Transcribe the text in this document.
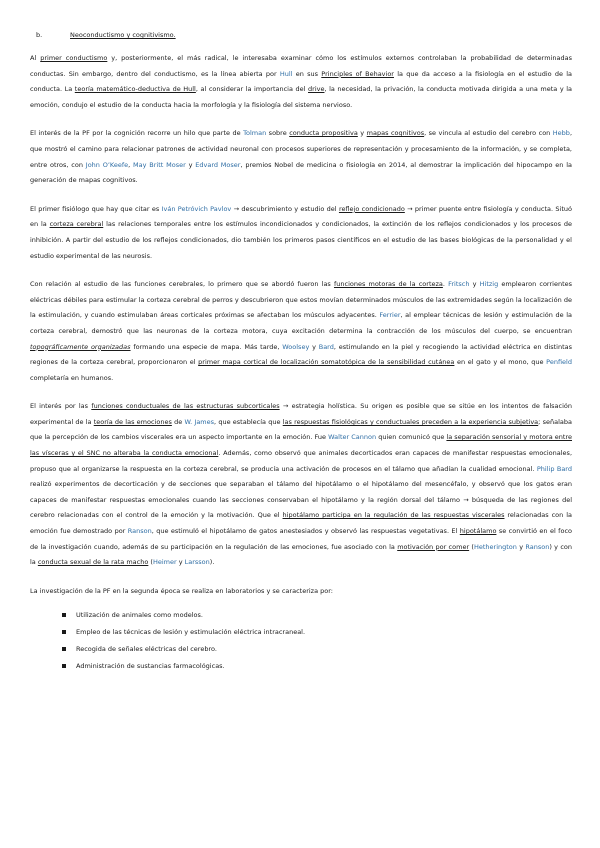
b.	Neoconductismo y cognitivismo.

Al primer conductismo y, posteriormente, el más radical, le interesaba examinar cómo los estímulos externos controlaban la probabilidad de determinadas conductas. Sin embargo, dentro del conductismo, es la línea abierta por Hull en sus Principles of Behavior la que da acceso a la fisiología en el estudio de la conducta. La teoría matemático-deductiva de Hull, al considerar la importancia del drive, la necesidad, la privación, la conducta motivada dirigida a una meta y la emoción, condujo el estudio de la conducta hacia la morfología y la fisiología del sistema nervioso.

El interés de la PF por la cognición recorre un hilo que parte de Tolman sobre conducta propositiva y mapas cognitivos, se vincula al estudio del cerebro con Hebb, que mostró el camino para relacionar patrones de actividad neuronal con procesos superiores de representación y procesamiento de la información, y se completa, entre otros, con John O’Keefe, May Britt Moser y Edvard Moser, premios Nobel de medicina o fisiología en 2014, al demostrar la implicación del hipocampo en la generación de mapas cognitivos.

El primer fisiólogo que hay que citar es Iván Petróvich Pavlov → descubrimiento y estudio del reflejo condicionado → primer puente entre fisiología y conducta. Situó en la corteza cerebral las relaciones temporales entre los estímulos incondicionados y condicionados, la extinción de los reflejos condicionados y los procesos de inhibición. A partir del estudio de los reflejos condicionados, dio también los primeros pasos científicos en el estudio de las bases biológicas de la personalidad y el estudio experimental de las neurosis.

Con relación al estudio de las funciones cerebrales, lo primero que se abordó fueron las funciones motoras de la corteza. Fritsch y Hitzig emplearon corrientes eléctricas débiles para estimular la corteza cerebral de perros y descubrieron que estos movían determinados músculos de las extremidades según la localización de la estimulación, y cuando estimulaban áreas corticales próximas se afectaban los músculos adyacentes. Ferrier, al emplear técnicas de lesión y estimulación de la corteza cerebral, demostró que las neuronas de la corteza motora, cuya excitación determina la contracción de los músculos del cuerpo, se encuentran topográficamente organizadas formando una especie de mapa. Más tarde, Woolsey y Bard, estimulando en la piel y recogiendo la actividad eléctrica en distintas regiones de la corteza cerebral, proporcionaron el primer mapa cortical de localización somatotópica de la sensibilidad cutánea en el gato y el mono, que Penfield completaría en humanos.

El interés por las funciones conductuales de las estructuras subcorticales → estrategia holística. Su origen es posible que se sitúe en los intentos de falsación experimental de la teoría de las emociones de W. James, que establecía que las respuestas fisiológicas y conductuales preceden a la experiencia subjetiva; señalaba que la percepción de los cambios viscerales era un aspecto importante en la emoción. Fue Walter Cannon quien comunicó que la separación sensorial y motora entre las vísceras y el SNC no alteraba la conducta emocional. Además, como observó que animales decorticados eran capaces de manifestar respuestas emocionales, propuso que al organizarse la respuesta en la corteza cerebral, se producía una activación de procesos en el tálamo que añadían la cualidad emocional. Philip Bard realizó experimentos de decorticación y de secciones que separaban el tálamo del hipotálamo o el hipotálamo del mesencéfalo, y observó que los gatos eran capaces de manifestar respuestas emocionales cuando las secciones conservaban el hipotálamo y la región dorsal del tálamo → búsqueda de las regiones del cerebro relacionadas con el control de la emoción y la motivación. Que el hipotálamo participa en la regulación de las respuestas viscerales relacionadas con la emoción fue demostrado por Ranson, que estimuló el hipotálamo de gatos anestesiados y observó las respuestas vegetativas. El hipotálamo se convirtió en el foco de la investigación cuando, además de su participación en la regulación de las emociones, fue asociado con la motivación por comer (Hetherington y Ranson) y con la conducta sexual de la rata macho (Heimer y Larsson).

La investigación de la PF en la segunda época se realiza en laboratorios y se caracteriza por:

Utilización de animales como modelos.
Empleo de las técnicas de lesión y estimulación eléctrica intracraneal.
Recogida de señales eléctricas del cerebro.
Administración de sustancias farmacológicas.
